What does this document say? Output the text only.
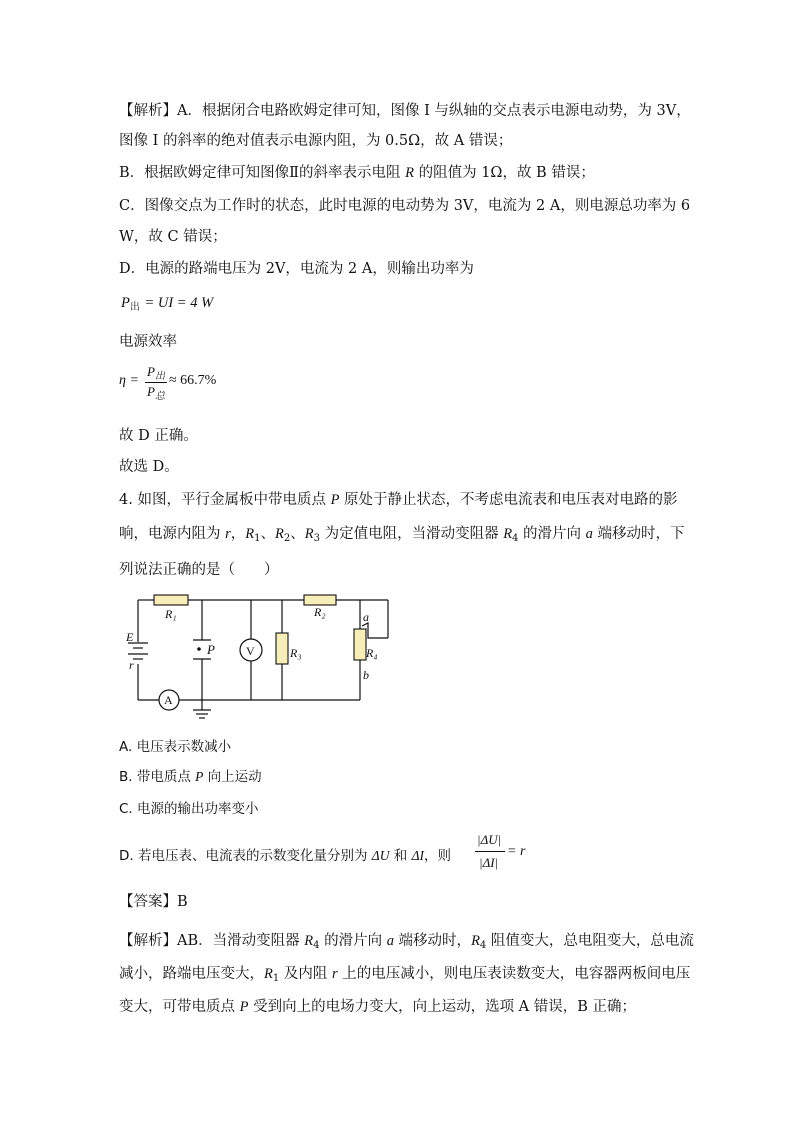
【解析】A．根据闭合电路欧姆定律可知，图像 I 与纵轴的交点表示电源电动势，为 3V，
图像 I 的斜率的绝对值表示电源内阻，为 0.5Ω，故 A 错误；
B．根据欧姆定律可知图像Ⅱ的斜率表示电阻 R 的阻值为 1Ω，故 B 错误；
C．图像交点为工作时的状态，此时电源的电动势为 3V，电流为 2 A，则电源总功率为 6
W，故 C 错误；
D．电源的路端电压为 2V，电流为 2 A，则输出功率为
$P_出$ = UI = 4 W
电源效率
η =
$P_出$
$P_总$
≈ 66.7%
故 D 正确。
故选 D。
4. 如图，平行金属板中带电质点 P 原处于静止状态，不考虑电流表和电压表对电路的影
响，电源内阻为 r，$R_1$、$R_2$、$R_3$ 为定值电阻，当滑动变阻器 $R_4$ 的滑片向 a 端移动时，下
列说法正确的是（　　）
R₁	R₂
R₃	R₄
E
r
P	V
A
a
b
A. 电压表示数减小
B. 带电质点 P 向上运动
C. 电源的输出功率变小
D. 若电压表、电流表的示数变化量分别为 ΔU 和 ΔI，则
|ΔU|
|ΔI|
= r
【答案】B
【解析】AB．当滑动变阻器 $R_4$ 的滑片向 a 端移动时，$R_4$ 阻值变大，总电阻变大，总电流
减小，路端电压变大，$R_1$ 及内阻 r 上的电压减小，则电压表读数变大，电容器两板间电压
变大，可带电质点 P 受到向上的电场力变大，向上运动，选项 A 错误，B 正确；
